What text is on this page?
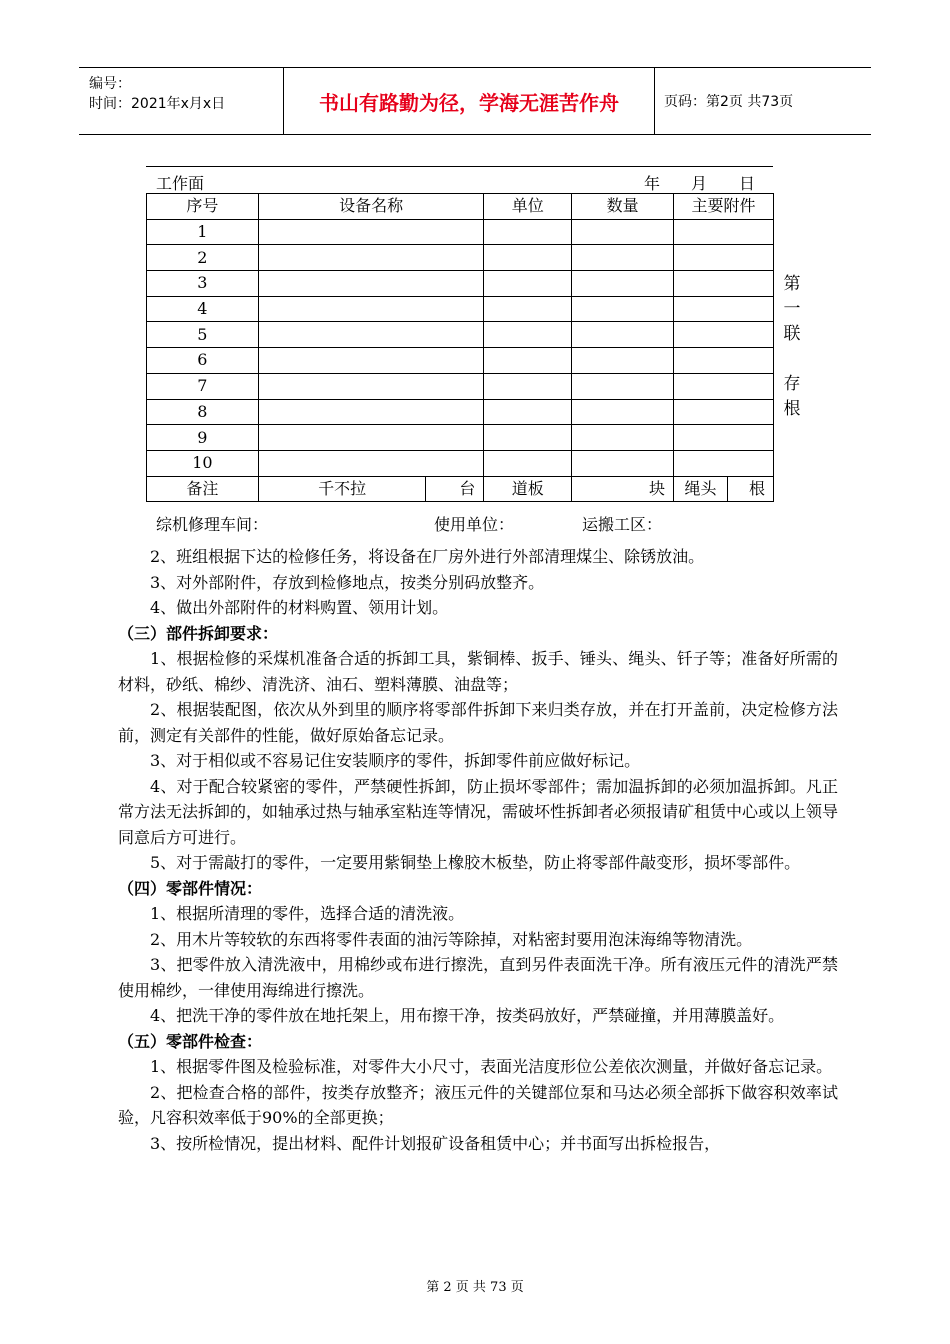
编号：
时间：2021年x月x日	书山有路勤为径，学海无涯苦作舟	页码：第2页 共73页
工作面	年 月 日
序号	设备名称		单位	数量	主要附件	
1						
2						
3						
4						
5						
6						
7						
8						
9						
10						
备注	千不拉	台	道板	块	绳头	根
第
一
联
存
根
综机修理车间：	使用单位：	运搬工区：

2、班组根据下达的检修任务，将设备在厂房外进行外部清理煤尘、除锈放油。

3、对外部附件，存放到检修地点，按类分别码放整齐。

4、做出外部附件的材料购置、领用计划。

（三）部件拆卸要求：

1、根据检修的采煤机准备合适的拆卸工具，紫铜棒、扳手、锤头、绳头、钎子等；准备好所需的材料，砂纸、棉纱、清洗济、油石、塑料薄膜、油盘等；

2、根据装配图，依次从外到里的顺序将零部件拆卸下来归类存放，并在打开盖前，决定检修方法前，测定有关部件的性能，做好原始备忘记录。

3、对于相似或不容易记住安装顺序的零件，拆卸零件前应做好标记。

4、对于配合较紧密的零件，严禁硬性拆卸，防止损坏零部件；需加温拆卸的必须加温拆卸。凡正常方法无法拆卸的，如轴承过热与轴承室粘连等情况，需破坏性拆卸者必须报请矿租赁中心或以上领导同意后方可进行。

5、对于需敲打的零件，一定要用紫铜垫上橡胶木板垫，防止将零部件敲变形，损坏零部件。

（四）零部件情况：

1、根据所清理的零件，选择合适的清洗液。

2、用木片等较软的东西将零件表面的油污等除掉，对粘密封要用泡沫海绵等物清洗。

3、把零件放入清洗液中，用棉纱或布进行擦洗，直到另件表面洗干净。所有液压元件的清洗严禁使用棉纱，一律使用海绵进行擦洗。

4、把洗干净的零件放在地托架上，用布擦干净，按类码放好，严禁碰撞，并用薄膜盖好。

（五）零部件检查：

1、根据零件图及检验标准，对零件大小尺寸，表面光洁度形位公差依次测量，并做好备忘记录。

2、把检查合格的部件，按类存放整齐；液压元件的关键部位泵和马达必须全部拆下做容积效率试验，凡容积效率低于90%的全部更换；

3、按所检情况，提出材料、配件计划报矿设备租赁中心；并书面写出拆检报告，

第 2 页 共 73 页
